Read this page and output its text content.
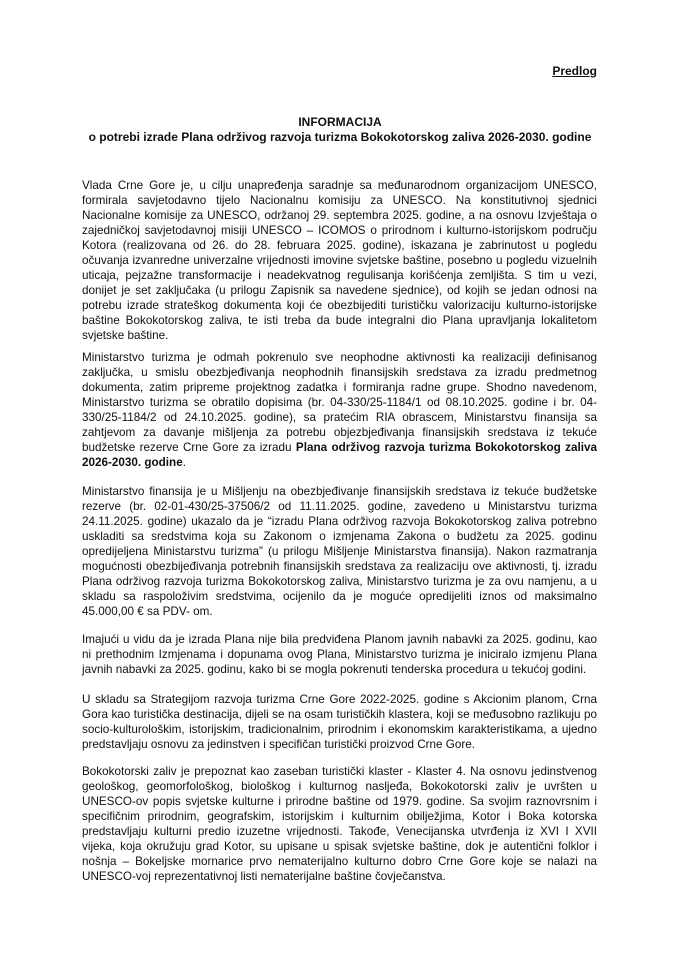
Predlog
INFORMACIJA
o potrebi izrade Plana održivog razvoja turizma Bokokotorskog zaliva 2026-2030. godine
Vlada Crne Gore je, u cilju unapređenja saradnje sa međunarodnom organizacijom UNESCO, formirala savjetodavno tijelo Nacionalnu komisiju za UNESCO. Na konstitutivnoj sjednici Nacionalne komisije za UNESCO, održanoj 29. septembra 2025. godine, a na osnovu Izvještaja o zajedničkoj savjetodavnoj misiji UNESCO – ICOMOS o prirodnom i kulturno-istorijskom području Kotora (realizovana od 26. do 28. februara 2025. godine), iskazana je zabrinutost u pogledu očuvanja izvanredne univerzalne vrijednosti imovine svjetske baštine, posebno u pogledu vizuelnih uticaja, pejzažne transformacije i neadekvatnog regulisanja korišćenja zemljišta. S tim u vezi, donijet je set zaključaka (u prilogu Zapisnik sa navedene sjednice), od kojih se jedan odnosi na potrebu izrade strateškog dokumenta koji će obezbijediti turističku valorizaciju kulturno-istorijske baštine Bokokotorskog zaliva, te isti treba da bude integralni dio Plana upravljanja lokalitetom svjetske baštine.
Ministarstvo turizma je odmah pokrenulo sve neophodne aktivnosti ka realizaciji definisanog zaključka, u smislu obezbjeđivanja neophodnih finansijskih sredstava za izradu predmetnog dokumenta, zatim pripreme projektnog zadatka i formiranja radne grupe. Shodno navedenom, Ministarstvo turizma se obratilo dopisima (br. 04-330/25-1184/1 od 08.10.2025. godine i br. 04-330/25-1184/2 od 24.10.2025. godine), sa pratećim RIA obrascem, Ministarstvu finansija sa zahtjevom za davanje mišljenja za potrebu objezbjeđivanja finansijskih sredstava iz tekuće budžetske rezerve Crne Gore za izradu Plana održivog razvoja turizma Bokokotorskog zaliva 2026-2030. godine.
Ministarstvo finansija je u Mišljenju na obezbjeđivanje finansijskih sredstava iz tekuće budžetske rezerve (br. 02-01-430/25-37506/2 od 11.11.2025. godine, zavedeno u Ministarstvu turizma 24.11.2025. godine) ukazalo da je “izradu Plana održivog razvoja Bokokotorskog zaliva potrebno uskladiti sa sredstvima koja su Zakonom o izmjenama Zakona o budžetu za 2025. godinu opredijeljena Ministarstvu turizma” (u prilogu Mišljenje Ministarstva finansija). Nakon razmatranja mogućnosti obezbijeđivanja potrebnih finansijskih sredstava za realizaciju ove aktivnosti, tj. izradu Plana održivog razvoja turizma Bokokotorskog zaliva, Ministarstvo turizma je za ovu namjenu, a u skladu sa raspoloživim sredstvima, ocijenilo da je moguće opredijeliti iznos od maksimalno 45.000,00 € sa PDV- om.
Imajući u vidu da je izrada Plana nije bila predviđena Planom javnih nabavki za 2025. godinu, kao ni prethodnim Izmjenama i dopunama ovog Plana, Ministarstvo turizma je iniciralo izmjenu Plana javnih nabavki za 2025. godinu, kako bi se mogla pokrenuti tenderska procedura u tekućoj godini.
U skladu sa Strategijom razvoja turizma Crne Gore 2022-2025. godine s Akcionim planom, Crna Gora kao turistička destinacija, dijeli se na osam turističkih klastera, koji se međusobno razlikuju po socio-kulturološkim, istorijskim, tradicionalnim, prirodnim i ekonomskim karakteristikama, a ujedno predstavljaju osnovu za jedinstven i specifičan turistički proizvod Crne Gore.
Bokokotorski zaliv je prepoznat kao zaseban turistički klaster - Klaster 4. Na osnovu jedinstvenog geološkog, geomorfološkog, biološkog i kulturnog nasljeđa, Bokokotorski zaliv je uvršten u UNESCO-ov popis svjetske kulturne i prirodne baštine od 1979. godine. Sa svojim raznovrsnim i specifičnim prirodnim, geografskim, istorijskim i kulturnim obilježjima, Kotor i Boka kotorska predstavljaju kulturni predio izuzetne vrijednosti. Takođe, Venecijanska utvrđenja iz XVI I XVII vijeka, koja okružuju grad Kotor, su upisane u spisak svjetske baštine, dok je autentični folklor i nošnja – Bokeljske mornarice prvo nematerijalno kulturno dobro Crne Gore koje se nalazi na UNESCO-voj reprezentativnoj listi nematerijalne baštine čovječanstva.
